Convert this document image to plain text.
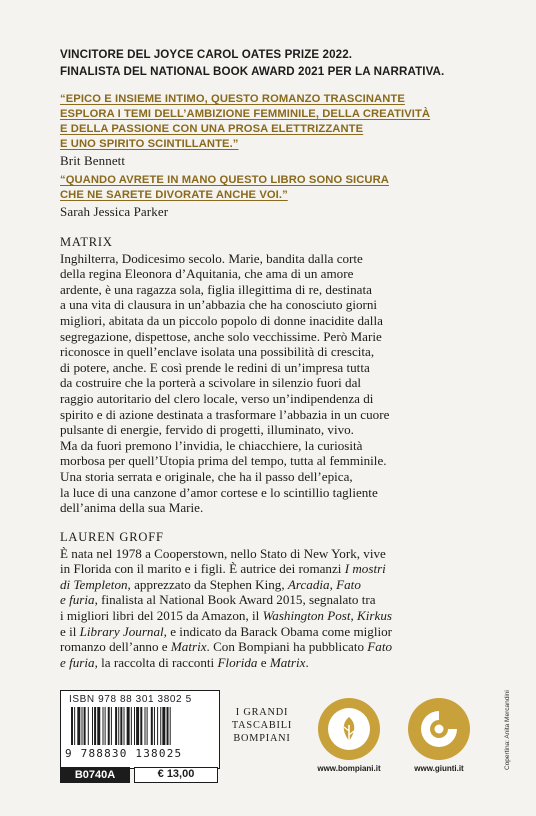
VINCITORE DEL JOYCE CAROL OATES PRIZE 2022.
FINALISTA DEL NATIONAL BOOK AWARD 2021 PER LA NARRATIVA.
“EPICO E INSIEME INTIMO, QUESTO ROMANZO TRASCINANTE
ESPLORA I TEMI DELL’AMBIZIONE FEMMINILE, DELLA CREATIVITÀ
E DELLA PASSIONE CON UNA PROSA ELETTRIZZANTE
E UNO SPIRITO SCINTILLANTE.”
Brit Bennett
“QUANDO AVRETE IN MANO QUESTO LIBRO SONO SICURA
CHE NE SARETE DIVORATE ANCHE VOI.”
Sarah Jessica Parker
MATRIX
Inghilterra, Dodicesimo secolo. Marie, bandita dalla corte
della regina Eleonora d’Aquitania, che ama di un amore
ardente, è una ragazza sola, figlia illegittima di re, destinata
a una vita di clausura in un’abbazia che ha conosciuto giorni
migliori, abitata da un piccolo popolo di donne inacidite dalla
segregazione, dispettose, anche solo vecchissime. Però Marie
riconosce in quell’enclave isolata una possibilità di crescita,
di potere, anche. E così prende le redini di un’impresa tutta
da costruire che la porterà a scivolare in silenzio fuori dal
raggio autoritario del clero locale, verso un’indipendenza di
spirito e di azione destinata a trasformare l’abbazia in un cuore
pulsante di energie, fervido di progetti, illuminato, vivo.
Ma da fuori premono l’invidia, le chiacchiere, la curiosità
morbosa per quell’Utopia prima del tempo, tutta al femminile.
Una storia serrata e originale, che ha il passo dell’epica,
la luce di una canzone d’amor cortese e lo scintillio tagliente
dell’anima della sua Marie.
LAUREN GROFF
È nata nel 1978 a Cooperstown, nello Stato di New York, vive
in Florida con il marito e i figli. È autrice dei romanzi I mostri
di Templeton, apprezzato da Stephen King, Arcadia, Fato
e furia, finalista al National Book Award 2015, segnalato tra
i migliori libri del 2015 da Amazon, il Washington Post, Kirkus
e il Library Journal, e indicato da Barack Obama come miglior
romanzo dell’anno e Matrix. Con Bompiani ha pubblicato Fato
e furia, la raccolta di racconti Florida e Matrix.
ISBN 978 88 301 3802 5
9 788830 138025
B0740A	€ 13,00
I GRANDI
TASCABILI
BOMPIANI
www.bompiani.it	www.giunti.it	Copertina: Anita Mercandini
